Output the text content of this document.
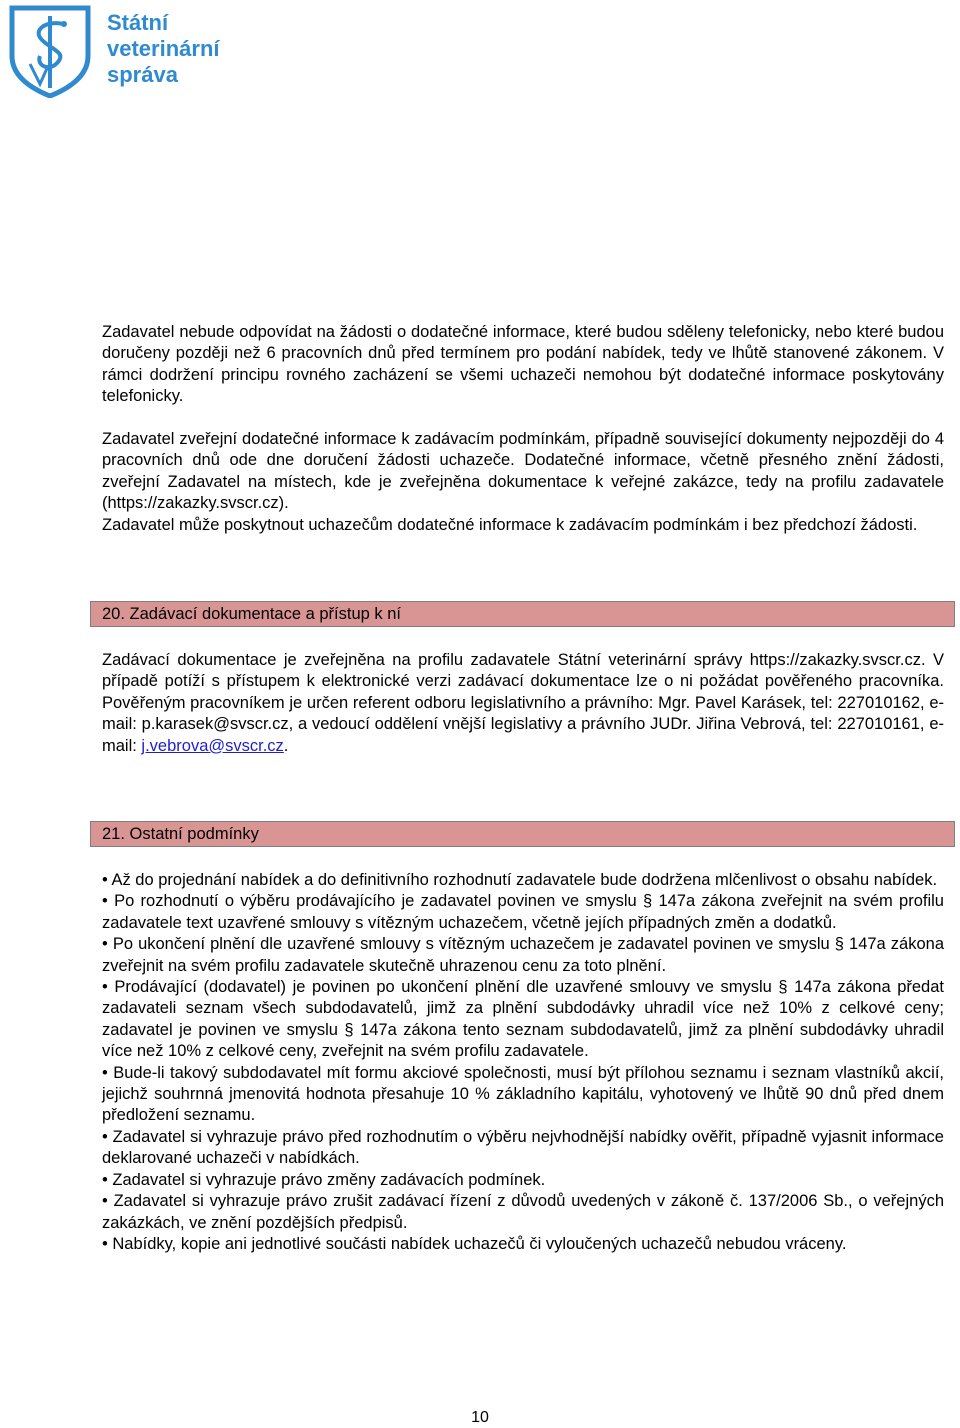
Státní
veterinární
správa

Zadavatel nebude odpovídat na žádosti o dodatečné informace, které budou sděleny telefonicky, nebo které budou doručeny později než 6 pracovních dnů před termínem pro podání nabídek, tedy ve lhůtě stanovené zákonem. V rámci dodržení principu rovného zacházení se všemi uchazeči nemohou být dodatečné informace poskytovány telefonicky.

Zadavatel zveřejní dodatečné informace k zadávacím podmínkám, případně související dokumenty nejpozději do 4 pracovních dnů ode dne doručení žádosti uchazeče. Dodatečné informace, včetně přesného znění žádosti, zveřejní Zadavatel na místech, kde je zveřejněna dokumentace k veřejné zakázce, tedy na profilu zadavatele (https://zakazky.svscr.cz).

Zadavatel může poskytnout uchazečům dodatečné informace k zadávacím podmínkám i bez předchozí žádosti.

20. Zadávací dokumentace a přístup k ní

Zadávací dokumentace je zveřejněna na profilu zadavatele Státní veterinární správy https://zakazky.svscr.cz. V případě potíží s přístupem k elektronické verzi zadávací dokumentace lze o ni požádat pověřeného pracovníka. Pověřeným pracovníkem je určen referent odboru legislativního a právního: Mgr. Pavel Karásek, tel: 227010162, e-mail: p.karasek@svscr.cz, a vedoucí oddělení vnější legislativy a právního JUDr. Jiřina Vebrová, tel: 227010161, e-mail: j.vebrova@svscr.cz.

21. Ostatní podmínky

• Až do projednání nabídek a do definitivního rozhodnutí zadavatele bude dodržena mlčenlivost o obsahu nabídek.

• Po rozhodnutí o výběru prodávajícího je zadavatel povinen ve smyslu § 147a zákona zveřejnit na svém profilu zadavatele text uzavřené smlouvy s vítězným uchazečem, včetně jejích případných změn a dodatků.

• Po ukončení plnění dle uzavřené smlouvy s vítězným uchazečem je zadavatel povinen ve smyslu § 147a zákona zveřejnit na svém profilu zadavatele skutečně uhrazenou cenu za toto plnění.

• Prodávající (dodavatel) je povinen po ukončení plnění dle uzavřené smlouvy ve smyslu § 147a zákona předat zadavateli seznam všech subdodavatelů, jimž za plnění subdodávky uhradil více než 10% z celkové ceny; zadavatel je povinen ve smyslu § 147a zákona tento seznam subdodavatelů, jimž za plnění subdodávky uhradil více než 10% z celkové ceny, zveřejnit na svém profilu zadavatele.

• Bude-li takový subdodavatel mít formu akciové společnosti, musí být přílohou seznamu i seznam vlastníků akcií, jejichž souhrnná jmenovitá hodnota přesahuje 10 % základního kapitálu, vyhotovený ve lhůtě 90 dnů před dnem předložení seznamu.

• Zadavatel si vyhrazuje právo před rozhodnutím o výběru nejvhodnější nabídky ověřit, případně vyjasnit informace deklarované uchazeči v nabídkách.

• Zadavatel si vyhrazuje právo změny zadávacích podmínek.

• Zadavatel si vyhrazuje právo zrušit zadávací řízení z důvodů uvedených v zákoně č. 137/2006 Sb., o veřejných zakázkách, ve znění pozdějších předpisů.

• Nabídky, kopie ani jednotlivé součásti nabídek uchazečů či vyloučených uchazečů nebudou vráceny.

10
